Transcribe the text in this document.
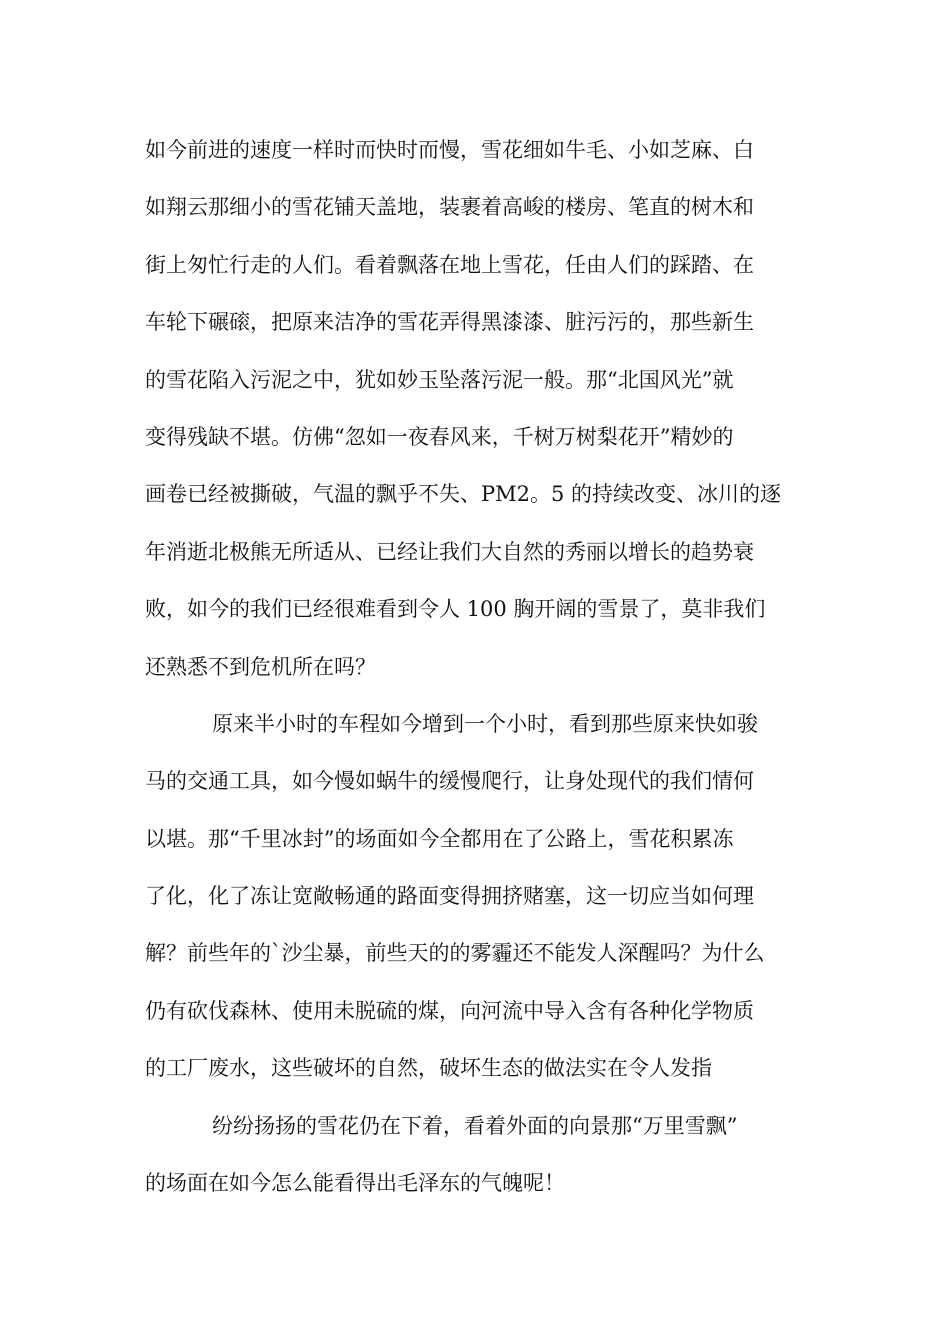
如今前进的速度一样时而快时而慢，雪花细如牛毛、小如芝麻、白
如翔云那细小的雪花铺天盖地，装裹着高峻的楼房、笔直的树木和
街上匆忙行走的人们。看着飘落在地上雪花，任由人们的踩踏、在
车轮下碾磙，把原来洁净的雪花弄得黑漆漆、脏污污的，那些新生
的雪花陷入污泥之中，犹如妙玉坠落污泥一般。那“北国风光”就
变得残缺不堪。仿佛“忽如一夜春风来，千树万树梨花开”精妙的
画卷已经被撕破，气温的飘乎不失、PM2。5 的持续改变、冰川的逐
年消逝北极熊无所适从、已经让我们大自然的秀丽以增长的趋势衰
败，如今的我们已经很难看到令人 100 胸开阔的雪景了，莫非我们
还熟悉不到危机所在吗？
原来半小时的车程如今增到一个小时，看到那些原来快如骏
马的交通工具，如今慢如蜗牛的缓慢爬行，让身处现代的我们情何
以堪。那“千里冰封”的场面如今全都用在了公路上，雪花积累冻
了化，化了冻让宽敞畅通的路面变得拥挤赌塞，这一切应当如何理
解？前些年的`沙尘暴，前些天的的雾霾还不能发人深醒吗？为什么
仍有砍伐森林、使用未脱硫的煤，向河流中导入含有各种化学物质
的工厂废水，这些破坏的自然，破坏生态的做法实在令人发指
纷纷扬扬的雪花仍在下着，看着外面的向景那“万里雪飘”
的场面在如今怎么能看得出毛泽东的气魄呢！
